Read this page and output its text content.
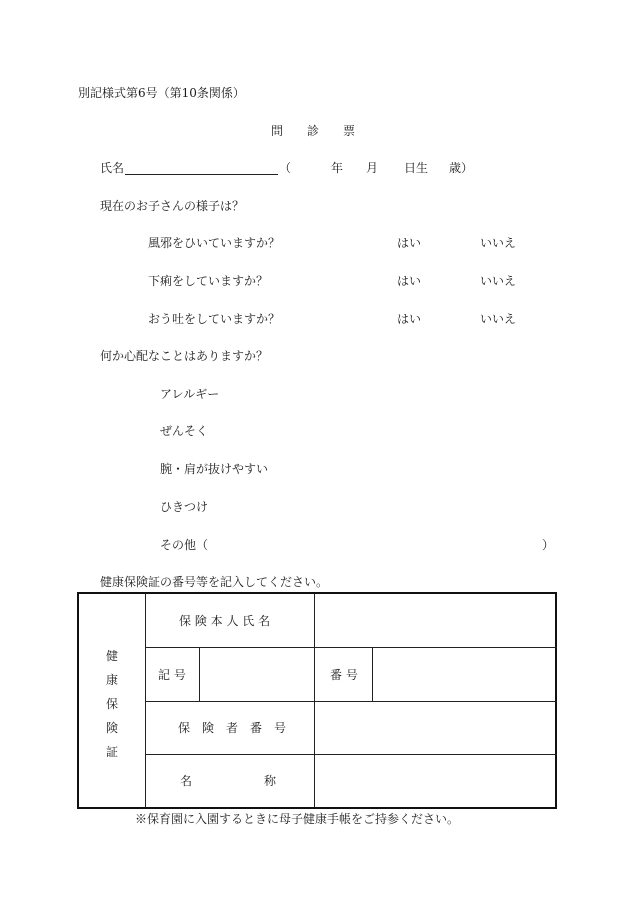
別記様式第6号（第10条関係）
問　　診　　票
氏名	（	年 月 日生 歳）
現在のお子さんの様子は？
風邪をひいていますか？	はい	いいえ
下痢をしていますか？	はい	いいえ
おう吐をしていますか？	はい	いいえ
何か心配なことはありますか？
アレルギー
ぜんそく
腕・肩が抜けやすい
ひきつけ
その他（	）
健康保険証の番号等を記入してください。
健康保険証
保 険 本 人 氏 名
記 号	番 号
保　険　者　番　号
名　　　　　　称
※保育園に入園するときに母子健康手帳をご持参ください。
